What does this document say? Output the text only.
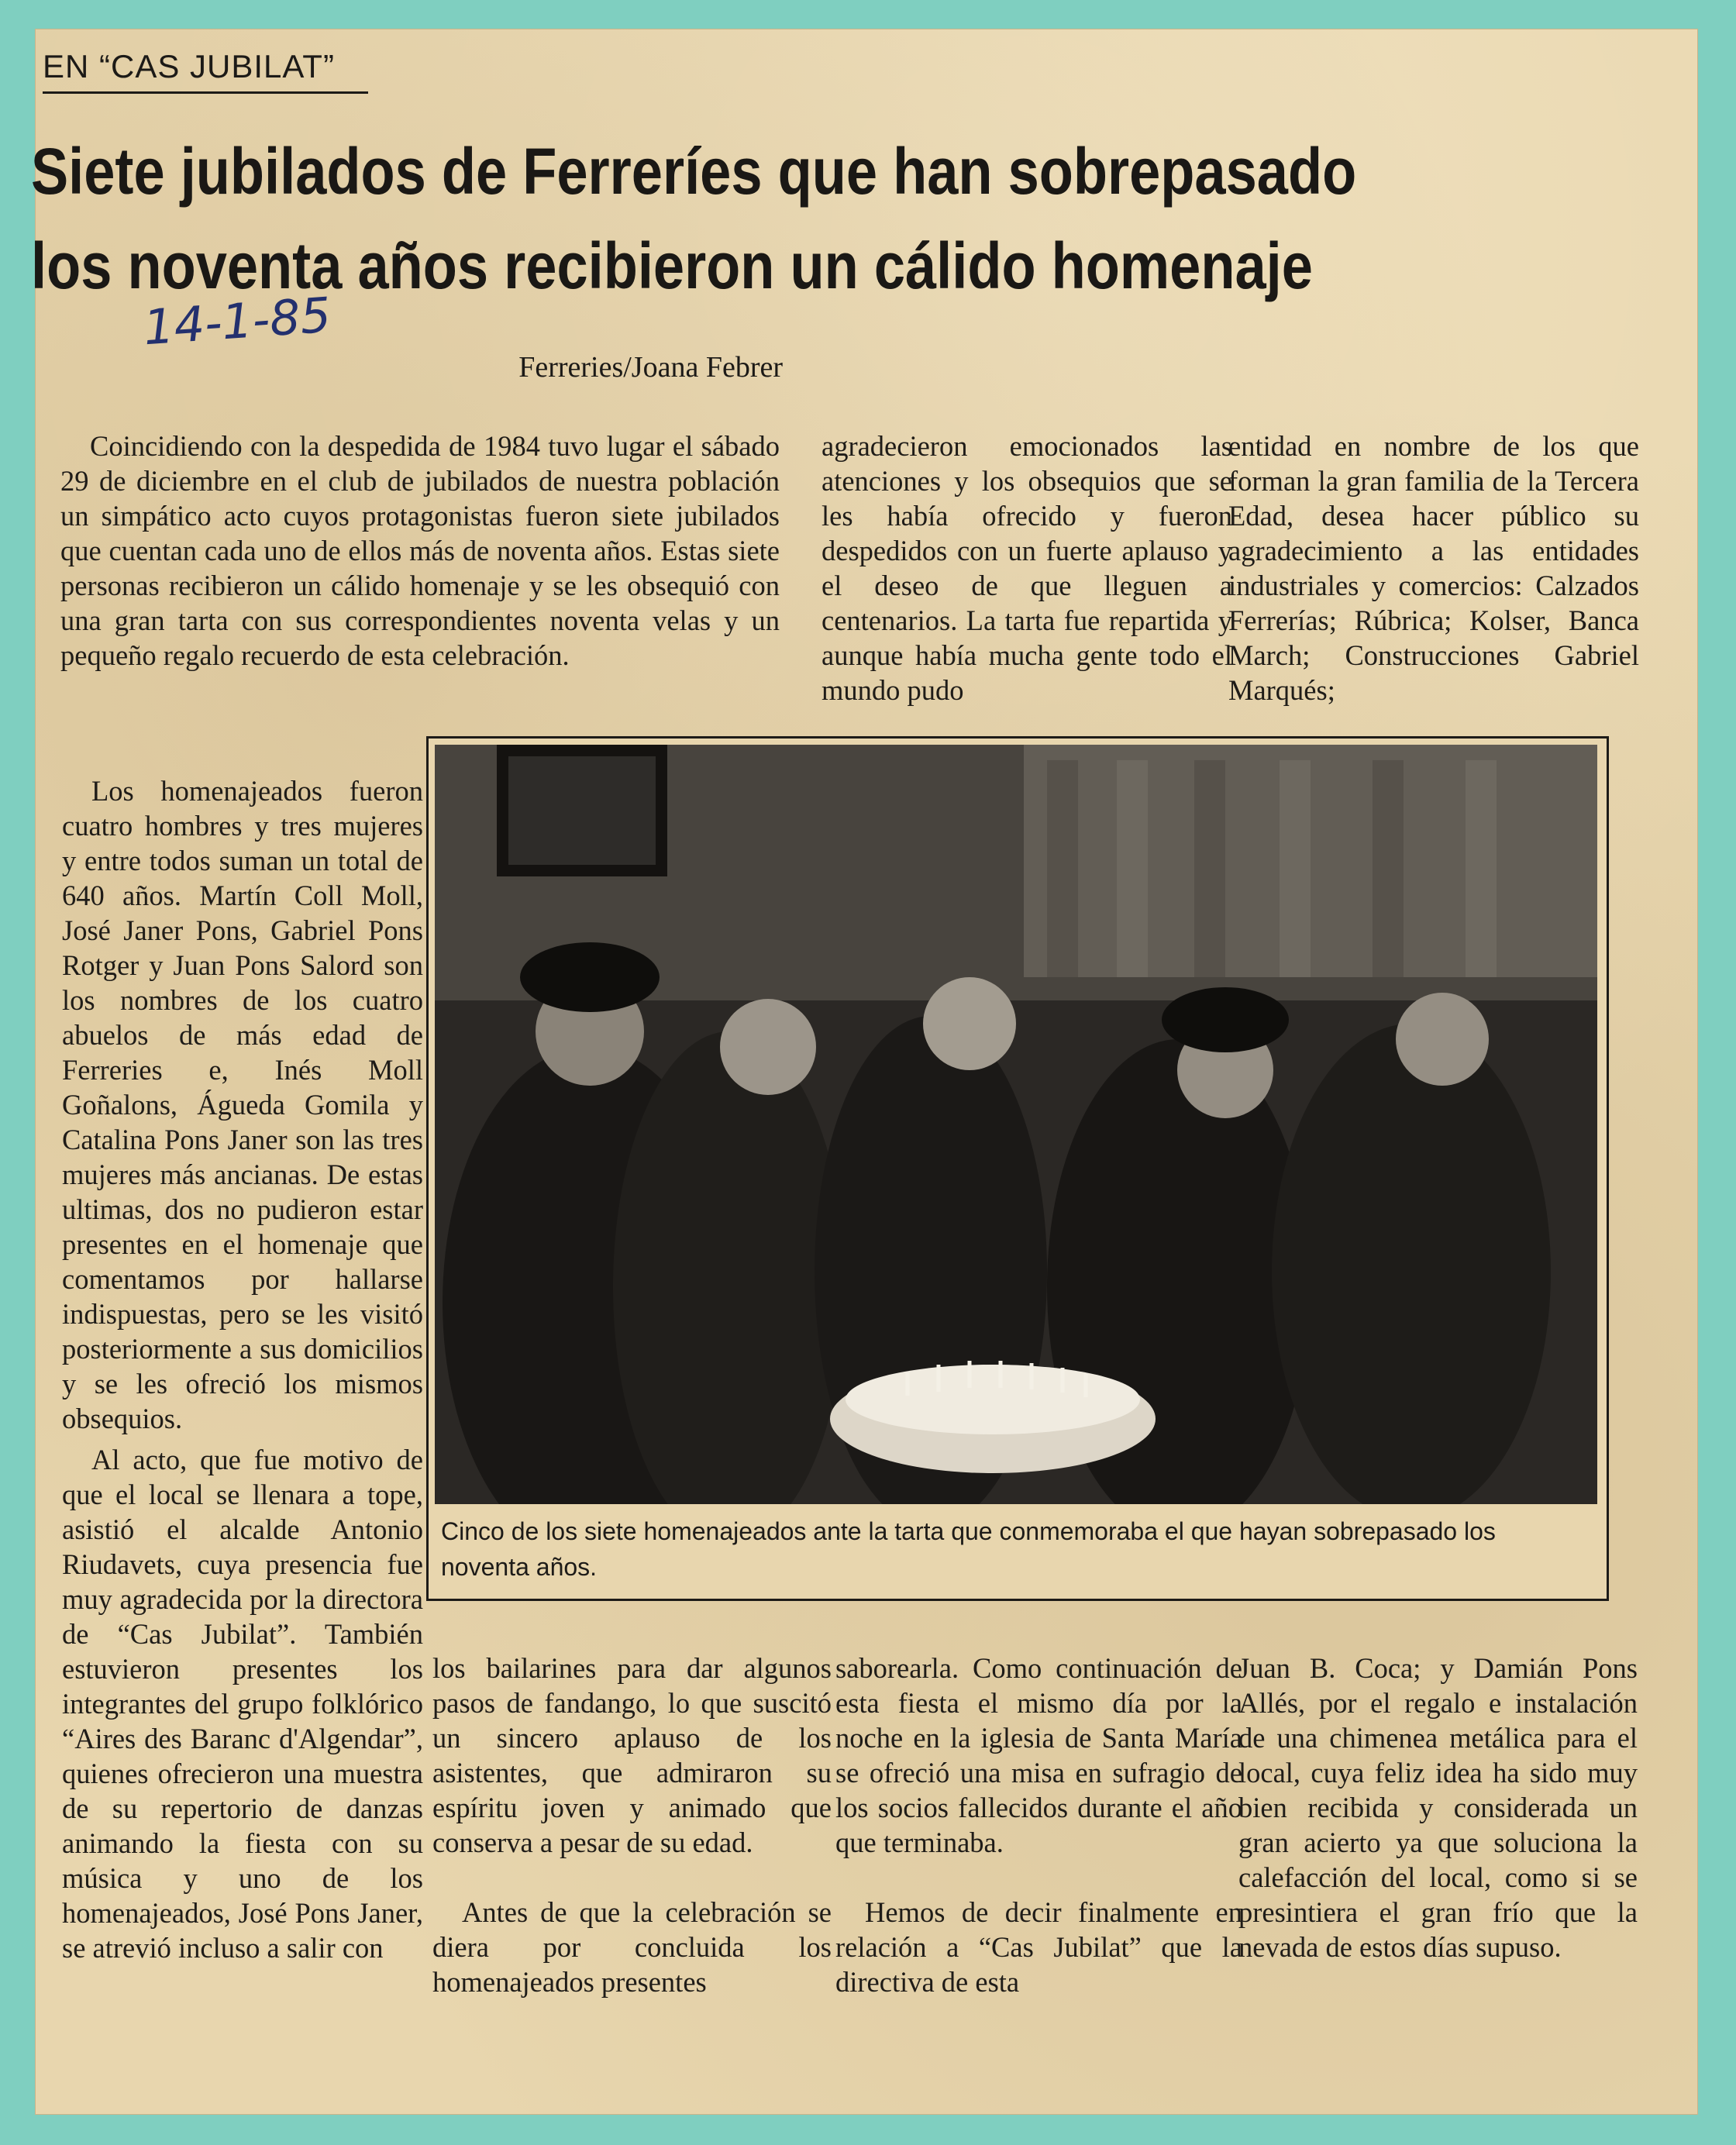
EN “CAS JUBILAT”
Siete jubilados de Ferreríes que han sobrepasado
los noventa años recibieron un cálido homenaje
14-1-85
Ferreries/Joana Febrer

Coincidiendo con la despedida de 1984 tuvo lugar el sábado 29 de diciembre en el club de jubilados de nuestra población un simpático acto cuyos protagonistas fueron siete jubilados que cuentan cada uno de ellos más de noventa años. Estas siete personas recibieron un cálido homenaje y se les obsequió con una gran tarta con sus correspondientes noventa velas y un pequeño regalo recuerdo de esta celebración.

agradecieron emocionados las atenciones y los obsequios que se les había ofrecido y fueron despedidos con un fuerte aplauso y el deseo de que lleguen a centenarios. La tarta fue repartida y aunque había mucha gente todo el mundo pudo

entidad en nombre de los que forman la gran familia de la Tercera Edad, desea hacer público su agradecimiento a las entidades industriales y comercios: Calzados Ferrerías; Rúbrica; Kolser, Banca March; Construcciones Gabriel Marqués;

Los homenajeados fueron cuatro hombres y tres mujeres y entre todos suman un total de 640 años. Martín Coll Moll, José Janer Pons, Gabriel Pons Rotger y Juan Pons Salord son los nombres de los cuatro abuelos de más edad de Ferreries e, Inés Moll Goñalons, Águeda Gomila y Catalina Pons Janer son las tres mujeres más ancianas. De estas ultimas, dos no pudieron estar presentes en el homenaje que comentamos por hallarse indispuestas, pero se les visitó posteriormente a sus domicilios y se les ofreció los mismos obsequios.

Al acto, que fue motivo de que el local se llenara a tope, asistió el alcalde Antonio Riudavets, cuya presencia fue muy agradecida por la directora de “Cas Jubilat”. También estuvieron presentes los integrantes del grupo folklórico “Aires des Baranc d'Algendar”, quienes ofrecieron una muestra de su repertorio de danzas animando la fiesta con su música y uno de los homenajeados, José Pons Janer, se atrevió incluso a salir con

Cinco de los siete homenajeados ante la tarta que conmemoraba el que hayan sobrepasado los noventa años.

los bailarines para dar algunos pasos de fandango, lo que suscitó un sincero aplauso de los asistentes, que admiraron su espíritu joven y animado que conserva a pesar de su edad.

Antes de que la celebración se diera por concluida los homenajeados presentes

saborearla. Como continuación de esta fiesta el mismo día por la noche en la iglesia de Santa María se ofreció una misa en sufragio de los socios fallecidos durante el año que terminaba.

Hemos de decir finalmente en relación a “Cas Jubilat” que la directiva de esta

Juan B. Coca; y Damián Pons Allés, por el regalo e instalación de una chimenea metálica para el local, cuya feliz idea ha sido muy bien recibida y considerada un gran acierto ya que soluciona la calefacción del local, como si se presintiera el gran frío que la nevada de estos días supuso.
